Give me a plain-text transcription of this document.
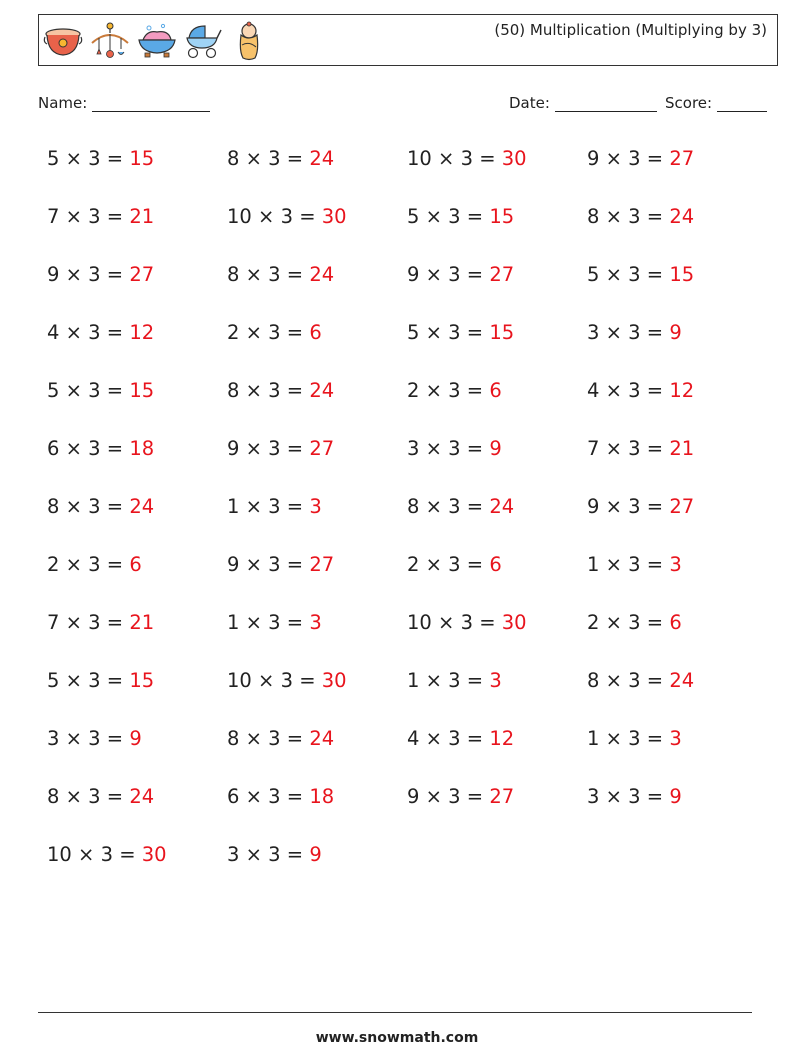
(50) Multiplication (Multiplying by 3)
Name:	Date:	Score:
5 × 3 = 15	8 × 3 = 24	10 × 3 = 30	9 × 3 = 27
7 × 3 = 21	10 × 3 = 30	5 × 3 = 15	8 × 3 = 24
9 × 3 = 27	8 × 3 = 24	9 × 3 = 27	5 × 3 = 15
4 × 3 = 12	2 × 3 = 6	5 × 3 = 15	3 × 3 = 9
5 × 3 = 15	8 × 3 = 24	2 × 3 = 6	4 × 3 = 12
6 × 3 = 18	9 × 3 = 27	3 × 3 = 9	7 × 3 = 21
8 × 3 = 24	1 × 3 = 3	8 × 3 = 24	9 × 3 = 27
2 × 3 = 6	9 × 3 = 27	2 × 3 = 6	1 × 3 = 3
7 × 3 = 21	1 × 3 = 3	10 × 3 = 30	2 × 3 = 6
5 × 3 = 15	10 × 3 = 30	1 × 3 = 3	8 × 3 = 24
3 × 3 = 9	8 × 3 = 24	4 × 3 = 12	1 × 3 = 3
8 × 3 = 24	6 × 3 = 18	9 × 3 = 27	3 × 3 = 9
10 × 3 = 30	3 × 3 = 9
www.snowmath.com
